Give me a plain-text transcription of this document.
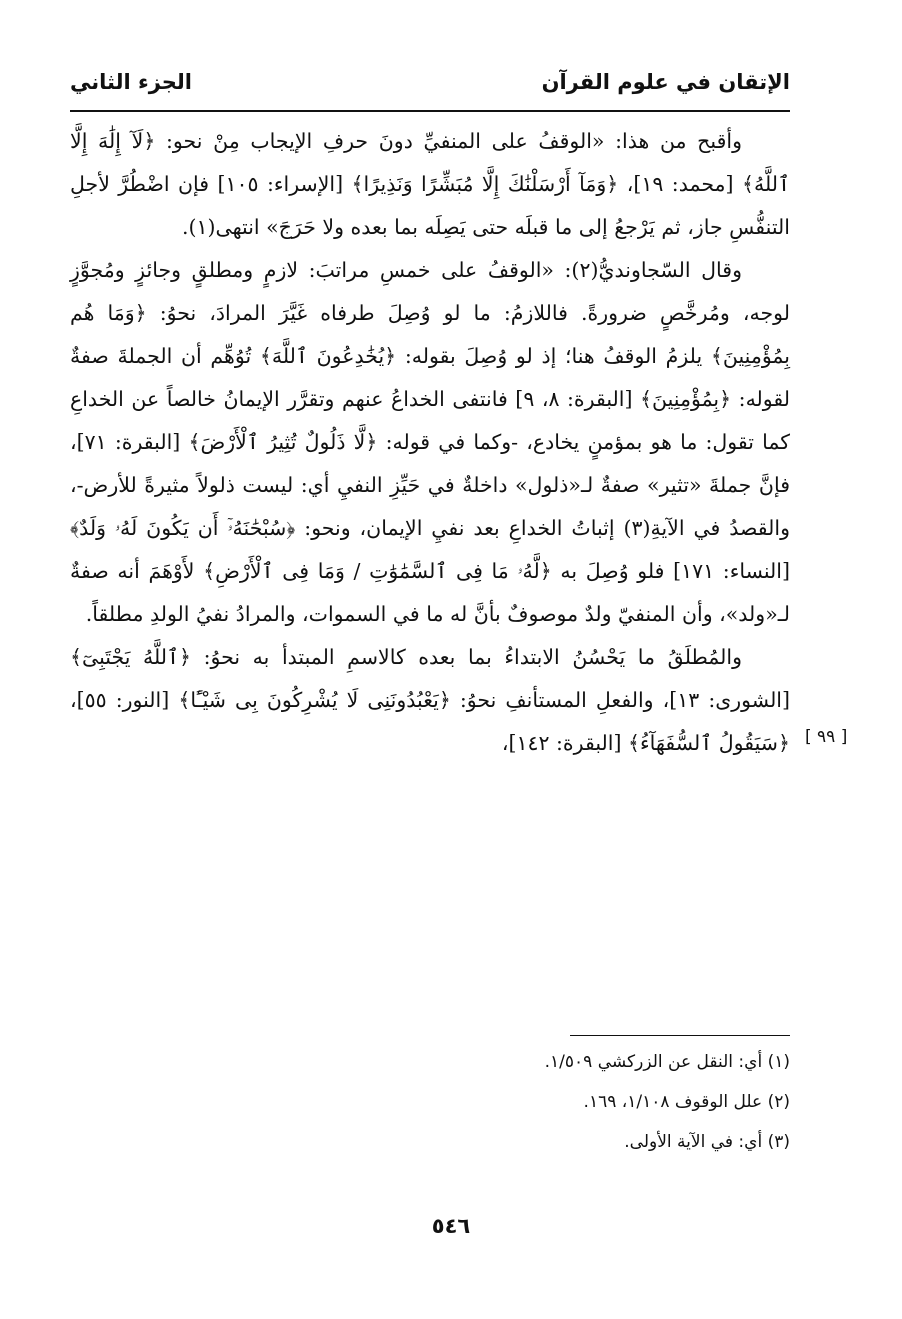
الإتقان في علوم القرآن
الجزء الثاني

وأقبح من هذا: «الوقفُ على المنفيِّ دونَ حرفِ الإيجاب مِنْ نحو: ﴿لَآ إِلَٰهَ إِلَّا ٱللَّهُ﴾ [محمد: ١٩]، ﴿وَمَآ أَرْسَلْنَٰكَ إِلَّا مُبَشِّرًا وَنَذِيرًا﴾ [الإسراء: ١٠٥] فإن اضْطُرَّ لأجلِ التنفُّسِ جاز، ثم يَرْجعُ إلى ما قبلَه حتى يَصِلَه بما بعده ولا حَرَجَ» انتهى(١).

وقال السّجاونديُّ(٢): «الوقفُ على خمسِ مراتبَ: لازمٍ ومطلقٍ وجائزٍ ومُجوَّزٍ لوجه، ومُرخَّصٍ ضرورةً. فاللازمُ: ما لو وُصِلَ طرفاه غَيَّرَ المرادَ، نحوُ: ﴿وَمَا هُم بِمُؤْمِنِينَ﴾ يلزمُ الوقفُ هنا؛ إذ لو وُصِلَ بقوله: ﴿يُخَٰدِعُونَ ٱللَّهَ﴾ تُوُهِّم أن الجملةَ صفةٌ لقوله: ﴿بِمُؤْمِنِينَ﴾ [البقرة: ٨، ٩] فانتفى الخداعُ عنهم وتقرَّر الإيمانُ خالصاً عن الخداعِ كما تقول: ما هو بمؤمنٍ يخادع، -وكما في قوله: ﴿لَّا ذَلُولٌ تُثِيرُ ٱلْأَرْضَ﴾ [البقرة: ٧١]، فإنَّ جملةَ «تثير» صفةٌ لـ«ذلول» داخلةٌ في حَيِّزِ النفيِ أي: ليست ذلولاً مثيرةً للأرض-، والقصدُ في الآيةِ(٣) إثباتُ الخداعِ بعد نفيِ الإيمان، ونحو: ﴿سُبْحَٰنَهُۥٓ أَن يَكُونَ لَهُۥ وَلَدٌ﴾ [النساء: ١٧١] فلو وُصِلَ به ﴿لَّهُۥ مَا فِى ٱلسَّمَٰوَٰتِ / وَمَا فِى ٱلْأَرْضِ﴾ لأَوْهَمَ أنه صفةٌ لـ«ولد»، وأن المنفيّ ولدٌ موصوفٌ بأنَّ له ما في السموات، والمرادُ نفيُ الولدِ مطلقاً.

والمُطلَقُ ما يَحْسُنُ الابتداءُ بما بعده كالاسمِ المبتدأ به نحوُ: ﴿ٱللَّهُ يَجْتَبِىٓ﴾ [الشورى: ١٣]، والفعلِ المستأنفِ نحوُ: ﴿يَعْبُدُونَنِى لَا يُشْرِكُونَ بِى شَيْـًٔا﴾ [النور: ٥٥]، ﴿سَيَقُولُ ٱلسُّفَهَآءُ﴾ [البقرة: ١٤٢]، [ ٩٩ ]

(١) أي: النقل عن الزركشي ١/٥٠٩.

(٢) علل الوقوف ١/١٠٨، ١٦٩.

(٣) أي: في الآية الأولى.

٥٤٦
